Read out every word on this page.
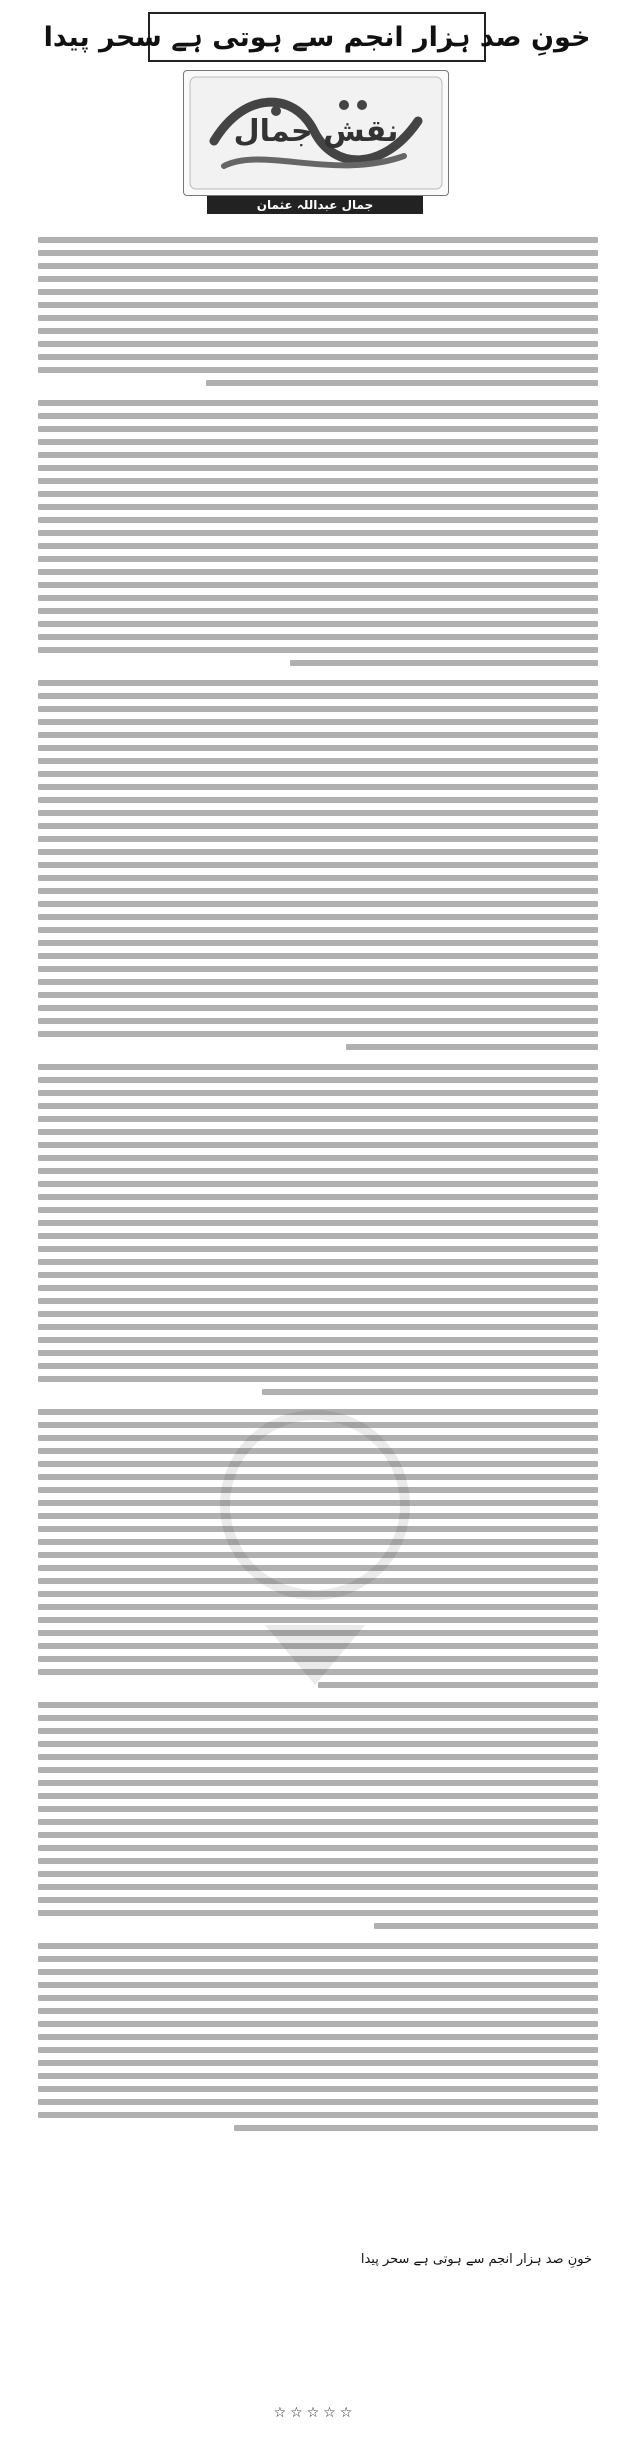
خونِ صد ہزار انجم سے ہوتی ہے سحر پیدا
نقش جمال
جمال عبداللہ عثمان
خونِ صد ہزار انجم سے ہوتی ہے سحر پیدا
☆☆☆☆☆
